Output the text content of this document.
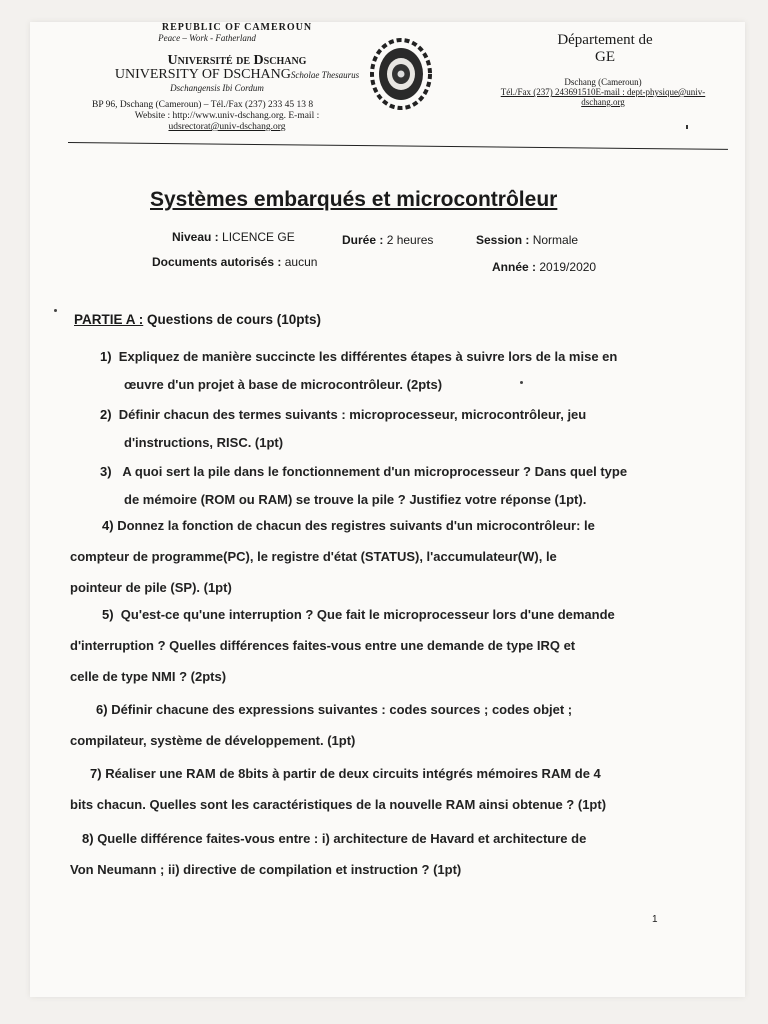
REPUBLIC OF CAMEROUN
Peace – Work - Fatherland
Université de Dschang
UNIVERSITY OF DSCHANGScholae Thesaurus
Dschangensis Ibi Cordum
BP 96, Dschang (Cameroun) – Tél./Fax (237) 233 45 13 8
Website : http://www.univ-dschang.org. E-mail :
udsrectorat@univ-dschang.org
Département de
GE
Dschang (Cameroun)
Tél./Fax (237) 243691510E-mail : dept-physique@univ-
dschang.org
Systèmes embarqués et microcontrôleur
Niveau : LICENCE GE	Durée : 2 heures	Session : Normale
Documents autorisés : aucun	Année : 2019/2020
PARTIE A : Questions de cours (10pts)
1) Expliquez de manière succincte les différentes étapes à suivre lors de la mise en
œuvre d'un projet à base de microcontrôleur. (2pts)
2) Définir chacun des termes suivants : microprocesseur, microcontrôleur, jeu
d'instructions, RISC. (1pt)
3) A quoi sert la pile dans le fonctionnement d'un microprocesseur ? Dans quel type
de mémoire (ROM ou RAM) se trouve la pile ? Justifiez votre réponse (1pt).
4) Donnez la fonction de chacun des registres suivants d'un microcontrôleur: le
compteur de programme(PC), le registre d'état (STATUS), l'accumulateur(W), le
pointeur de pile (SP). (1pt)
5) Qu'est-ce qu'une interruption ? Que fait le microprocesseur lors d'une demande
d'interruption ? Quelles différences faites-vous entre une demande de type IRQ et
celle de type NMI ? (2pts)
6) Définir chacune des expressions suivantes : codes sources ; codes objet ;
compilateur, système de développement. (1pt)
7) Réaliser une RAM de 8bits à partir de deux circuits intégrés mémoires RAM de 4
bits chacun. Quelles sont les caractéristiques de la nouvelle RAM ainsi obtenue ? (1pt)
8) Quelle différence faites-vous entre : i) architecture de Havard et architecture de
Von Neumann ; ii) directive de compilation et instruction ? (1pt)
1
